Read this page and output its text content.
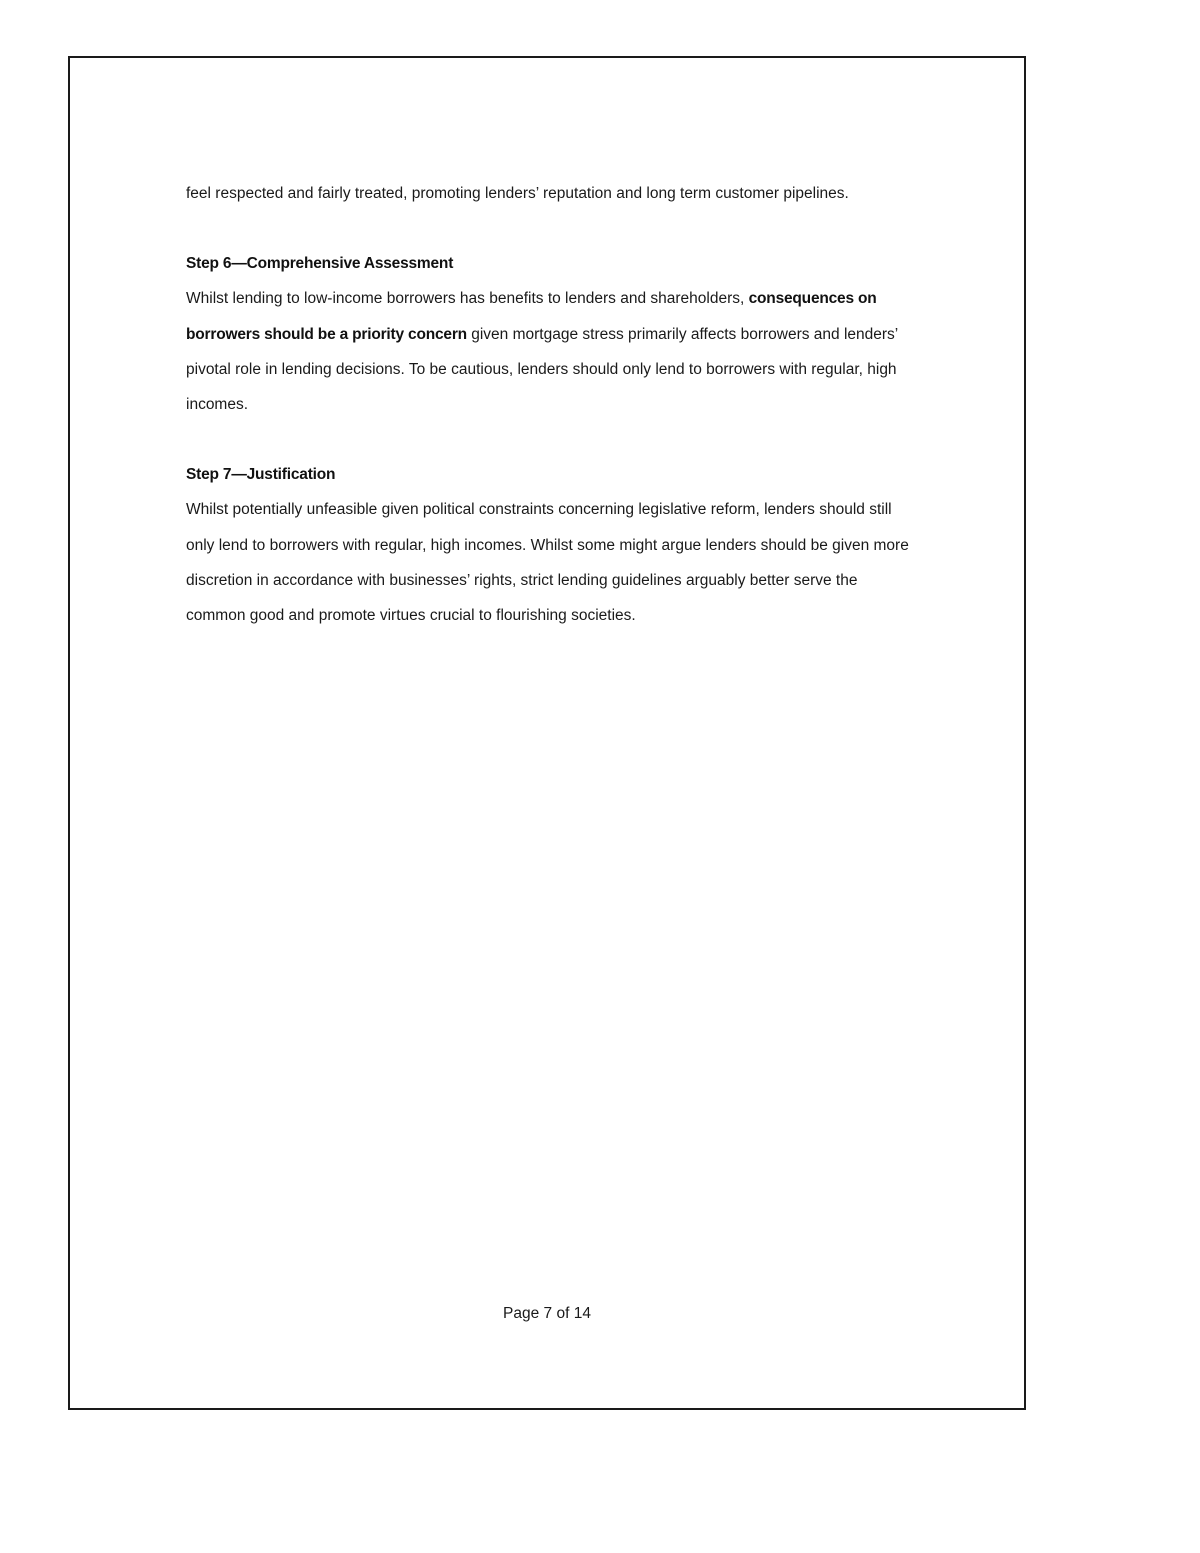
feel respected and fairly treated, promoting lenders’ reputation and long term customer pipelines.

Step 6—Comprehensive Assessment

Whilst lending to low-income borrowers has benefits to lenders and shareholders, consequences on borrowers should be a priority concern given mortgage stress primarily affects borrowers and lenders’ pivotal role in lending decisions. To be cautious, lenders should only lend to borrowers with regular, high incomes.

Step 7—Justification

Whilst potentially unfeasible given political constraints concerning legislative reform, lenders should still only lend to borrowers with regular, high incomes. Whilst some might argue lenders should be given more discretion in accordance with businesses’ rights, strict lending guidelines arguably better serve the common good and promote virtues crucial to flourishing societies.

Page 7 of 14
